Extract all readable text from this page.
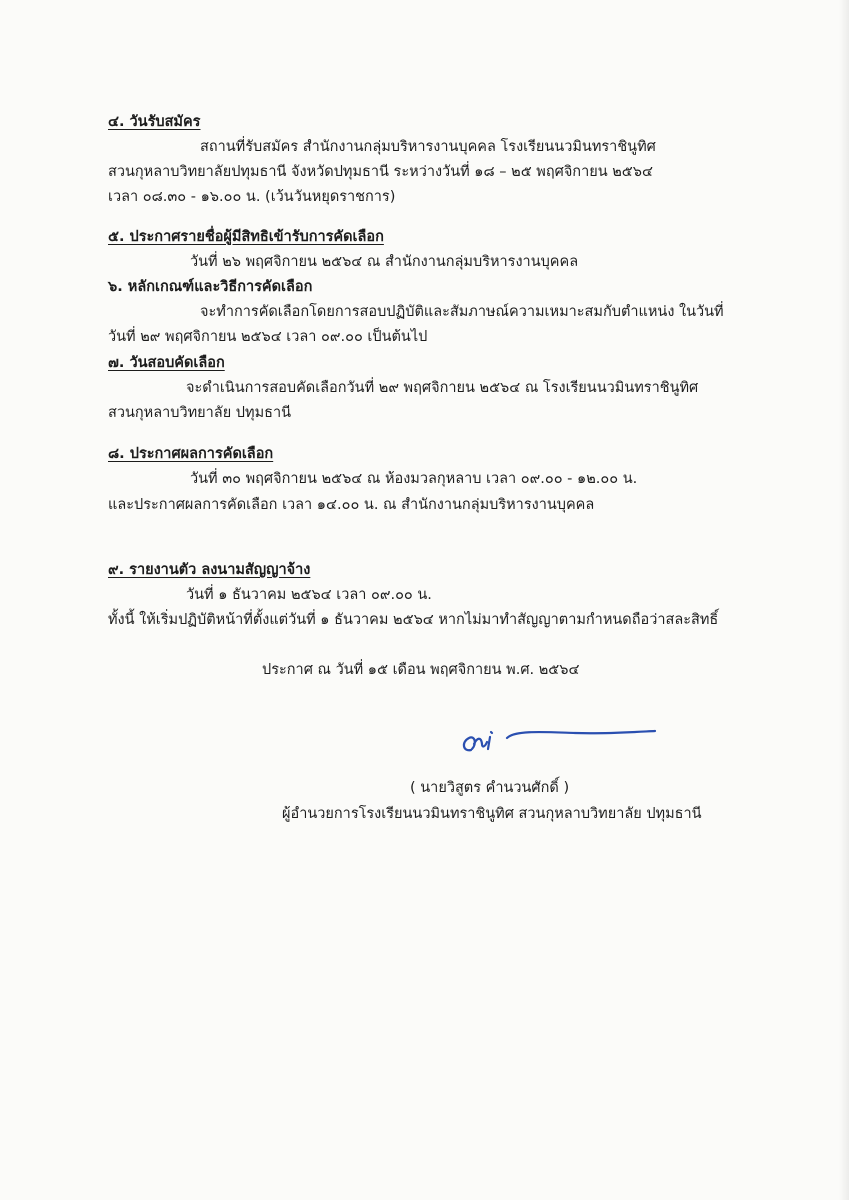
๔. วันรับสมัคร
สถานที่รับสมัคร สำนักงานกลุ่มบริหารงานบุคคล โรงเรียนนวมินทราชินูทิศ
สวนกุหลาบวิทยาลัยปทุมธานี จังหวัดปทุมธานี ระหว่างวันที่ ๑๘ – ๒๕ พฤศจิกายน ๒๕๖๔
เวลา ๐๘.๓๐ - ๑๖.๐๐ น. (เว้นวันหยุดราชการ)
๕. ประกาศรายชื่อผู้มีสิทธิเข้ารับการคัดเลือก
วันที่ ๒๖ พฤศจิกายน ๒๕๖๔ ณ สำนักงานกลุ่มบริหารงานบุคคล
๖. หลักเกณฑ์และวิธีการคัดเลือก
จะทำการคัดเลือกโดยการสอบปฏิบัติและสัมภาษณ์ความเหมาะสมกับตำแหน่ง ในวันที่
วันที่ ๒๙ พฤศจิกายน ๒๕๖๔ เวลา ๐๙.๐๐ เป็นต้นไป
๗. วันสอบคัดเลือก
จะดำเนินการสอบคัดเลือกวันที่ ๒๙ พฤศจิกายน ๒๕๖๔ ณ โรงเรียนนวมินทราชินูทิศ
สวนกุหลาบวิทยาลัย ปทุมธานี
๘. ประกาศผลการคัดเลือก
วันที่ ๓๐ พฤศจิกายน ๒๕๖๔ ณ ห้องมวลกุหลาบ เวลา ๐๙.๐๐ - ๑๒.๐๐ น.
และประกาศผลการคัดเลือก เวลา ๑๔.๐๐ น. ณ สำนักงานกลุ่มบริหารงานบุคคล
๙. รายงานตัว ลงนามสัญญาจ้าง
วันที่ ๑ ธันวาคม ๒๕๖๔ เวลา ๐๙.๐๐ น.
ทั้งนี้ ให้เริ่มปฏิบัติหน้าที่ตั้งแต่วันที่ ๑ ธันวาคม ๒๕๖๔ หากไม่มาทำสัญญาตามกำหนดถือว่าสละสิทธิ์
ประกาศ ณ วันที่ ๑๕ เดือน พฤศจิกายน พ.ศ. ๒๕๖๔
( นายวิสูตร คำนวนศักดิ์ )
ผู้อำนวยการโรงเรียนนวมินทราชินูทิศ สวนกุหลาบวิทยาลัย ปทุมธานี
